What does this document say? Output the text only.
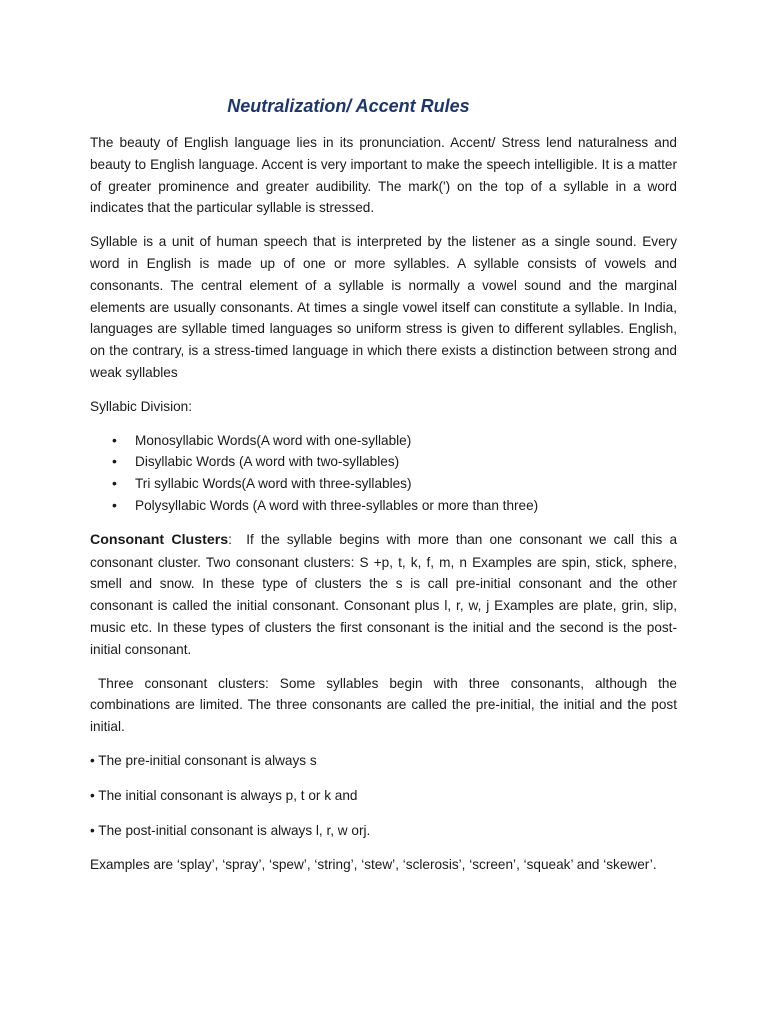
Neutralization/ Accent Rules

The beauty of English language lies in its pronunciation. Accent/ Stress lend naturalness and beauty to English language. Accent is very important to make the speech intelligible. It is a matter of greater prominence and greater audibility. The mark(') on the top of a syllable in a word indicates that the particular syllable is stressed.

Syllable is a unit of human speech that is interpreted by the listener as a single sound. Every word in English is made up of one or more syllables. A syllable consists of vowels and consonants. The central element of a syllable is normally a vowel sound and the marginal elements are usually consonants. At times a single vowel itself can constitute a syllable. In India, languages are syllable timed languages so uniform stress is given to different syllables. English, on the contrary, is a stress-timed language in which there exists a distinction between strong and weak syllables

Syllabic Division:
• Monosyllabic Words(A word with one-syllable)
• Disyllabic Words (A word with two-syllables)
• Tri syllabic Words(A word with three-syllables)
• Polysyllabic Words (A word with three-syllables or more than three)

Consonant Clusters: If the syllable begins with more than one consonant we call this a consonant cluster. Two consonant clusters: S +p, t, k, f, m, n Examples are spin, stick, sphere, smell and snow. In these type of clusters the s is call pre-initial consonant and the other consonant is called the initial consonant. Consonant plus l, r, w, j Examples are plate, grin, slip, music etc. In these types of clusters the first consonant is the initial and the second is the post-initial consonant.

Three consonant clusters: Some syllables begin with three consonants, although the combinations are limited. The three consonants are called the pre-initial, the initial and the post initial.

• The pre-initial consonant is always s
• The initial consonant is always p, t or k and
• The post-initial consonant is always l, r, w orj.
Examples are ‘splay’, ‘spray’, ‘spew’, ‘string’, ‘stew’, ‘sclerosis’, ‘screen’, ‘squeak’ and ‘skewer’.
